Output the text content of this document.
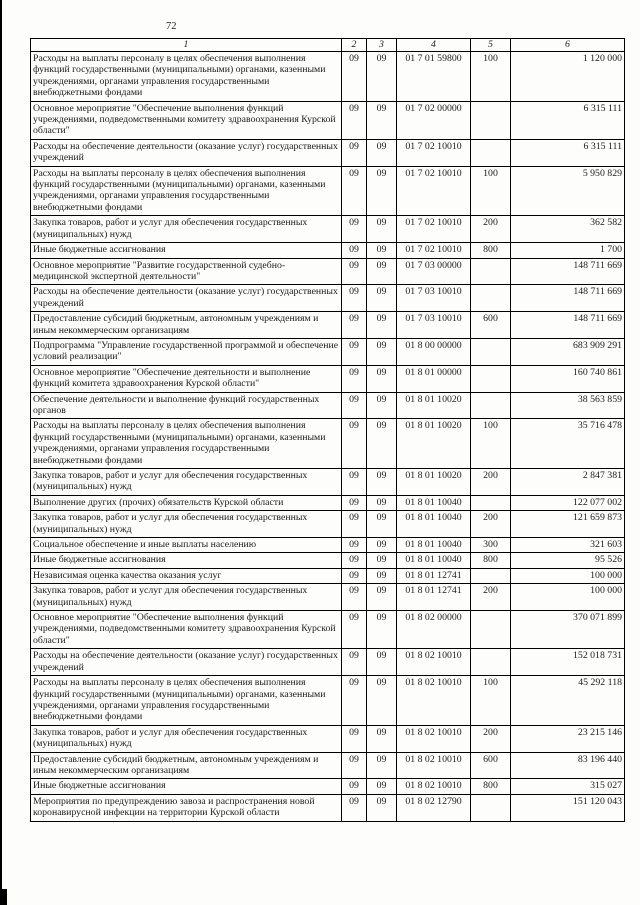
72
1	2	3	4	5	6
Расходы на выплаты персоналу в целях обеспечения выполнения функций государственными (муниципальными) органами, казенными учреждениями, органами управления государственными внебюджетными фондами	09	09	01 7 01 59800	100	1 120 000
Основное мероприятие "Обеспечение выполнения функций учреждениями, подведомственными комитету здравоохранения Курской области"	09	09	01 7 02 00000		6 315 111
Расходы на обеспечение деятельности (оказание услуг) государственных учреждений	09	09	01 7 02 10010		6 315 111
Расходы на выплаты персоналу в целях обеспечения выполнения функций государственными (муниципальными) органами, казенными учреждениями, органами управления государственными внебюджетными фондами	09	09	01 7 02 10010	100	5 950 829
Закупка товаров, работ и услуг для обеспечения государственных (муниципальных) нужд	09	09	01 7 02 10010	200	362 582
Иные бюджетные ассигнования	09	09	01 7 02 10010	800	1 700
Основное мероприятие "Развитие государственной судебно-медицинской экспертной деятельности"	09	09	01 7 03 00000		148 711 669
Расходы на обеспечение деятельности (оказание услуг) государственных учреждений	09	09	01 7 03 10010		148 711 669
Предоставление субсидий бюджетным, автономным учреждениям и иным некоммерческим организациям	09	09	01 7 03 10010	600	148 711 669
Подпрограмма "Управление государственной программой и обеспечение условий реализации"	09	09	01 8 00 00000		683 909 291
Основное мероприятие "Обеспечение деятельности и выполнение функций комитета здравоохранения Курской области"	09	09	01 8 01 00000		160 740 861
Обеспечение деятельности и выполнение функций государственных органов	09	09	01 8 01 10020		38 563 859
Расходы на выплаты персоналу в целях обеспечения выполнения функций государственными (муниципальными) органами, казенными учреждениями, органами управления государственными внебюджетными фондами	09	09	01 8 01 10020	100	35 716 478
Закупка товаров, работ и услуг для обеспечения государственных (муниципальных) нужд	09	09	01 8 01 10020	200	2 847 381
Выполнение других (прочих) обязательств Курской области	09	09	01 8 01 10040		122 077 002
Закупка товаров, работ и услуг для обеспечения государственных (муниципальных) нужд	09	09	01 8 01 10040	200	121 659 873
Социальное обеспечение и иные выплаты населению	09	09	01 8 01 10040	300	321 603
Иные бюджетные ассигнования	09	09	01 8 01 10040	800	95 526
Независимая оценка качества оказания услуг	09	09	01 8 01 12741		100 000
Закупка товаров, работ и услуг для обеспечения государственных (муниципальных) нужд	09	09	01 8 01 12741	200	100 000
Основное мероприятие "Обеспечение выполнения функций учреждениями, подведомственными комитету здравоохранения Курской области"	09	09	01 8 02 00000		370 071 899
Расходы на обеспечение деятельности (оказание услуг) государственных учреждений	09	09	01 8 02 10010		152 018 731
Расходы на выплаты персоналу в целях обеспечения выполнения функций государственными (муниципальными) органами, казенными учреждениями, органами управления государственными внебюджетными фондами	09	09	01 8 02 10010	100	45 292 118
Закупка товаров, работ и услуг для обеспечения государственных (муниципальных) нужд	09	09	01 8 02 10010	200	23 215 146
Предоставление субсидий бюджетным, автономным учреждениям и иным некоммерческим организациям	09	09	01 8 02 10010	600	83 196 440
Иные бюджетные ассигнования	09	09	01 8 02 10010	800	315 027
Мероприятия по предупреждению завоза и распространения новой коронавирусной инфекции на территории Курской области	09	09	01 8 02 12790		151 120 043
